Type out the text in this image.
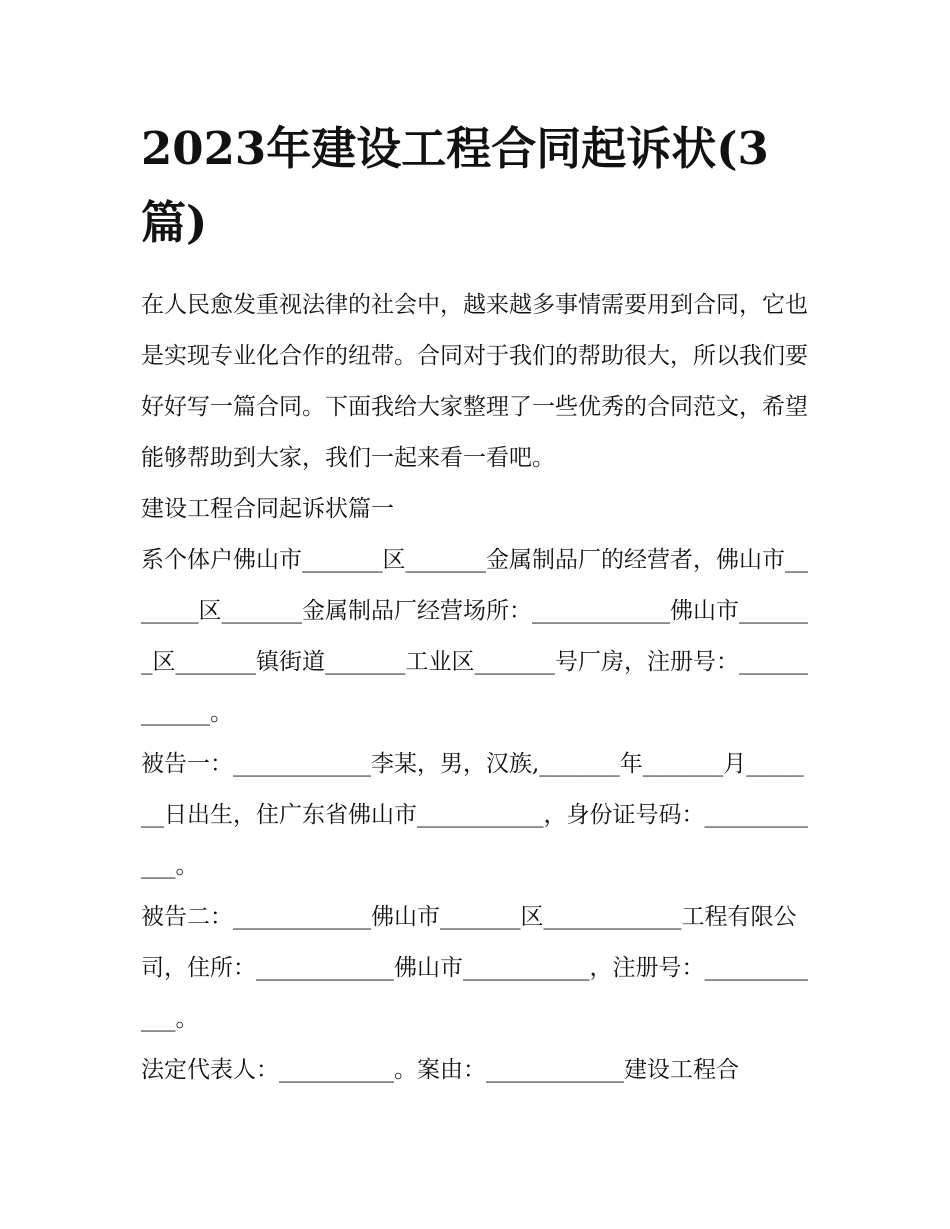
2023年建设工程合同起诉状(3篇)

在人民愈发重视法律的社会中，越来越多事情需要用到合同，它也是实现专业化合作的纽带。合同对于我们的帮助很大，所以我们要好好写一篇合同。下面我给大家整理了一些优秀的合同范文，希望能够帮助到大家，我们一起来看一看吧。

建设工程合同起诉状篇一

系个体户佛山市_______区_______金属制品厂的经营者，佛山市_______区_______金属制品厂经营场所：____________佛山市_______区_______镇街道_______工业区_______号厂房，注册号：____________。

被告一：____________李某，男，汉族,_______年_______月_______日出生，住广东省佛山市___________，身份证号码：____________。

被告二：____________佛山市_______区____________工程有限公司，住所：____________佛山市___________，注册号：____________。

法定代表人：__________。案由：____________建设工程合
